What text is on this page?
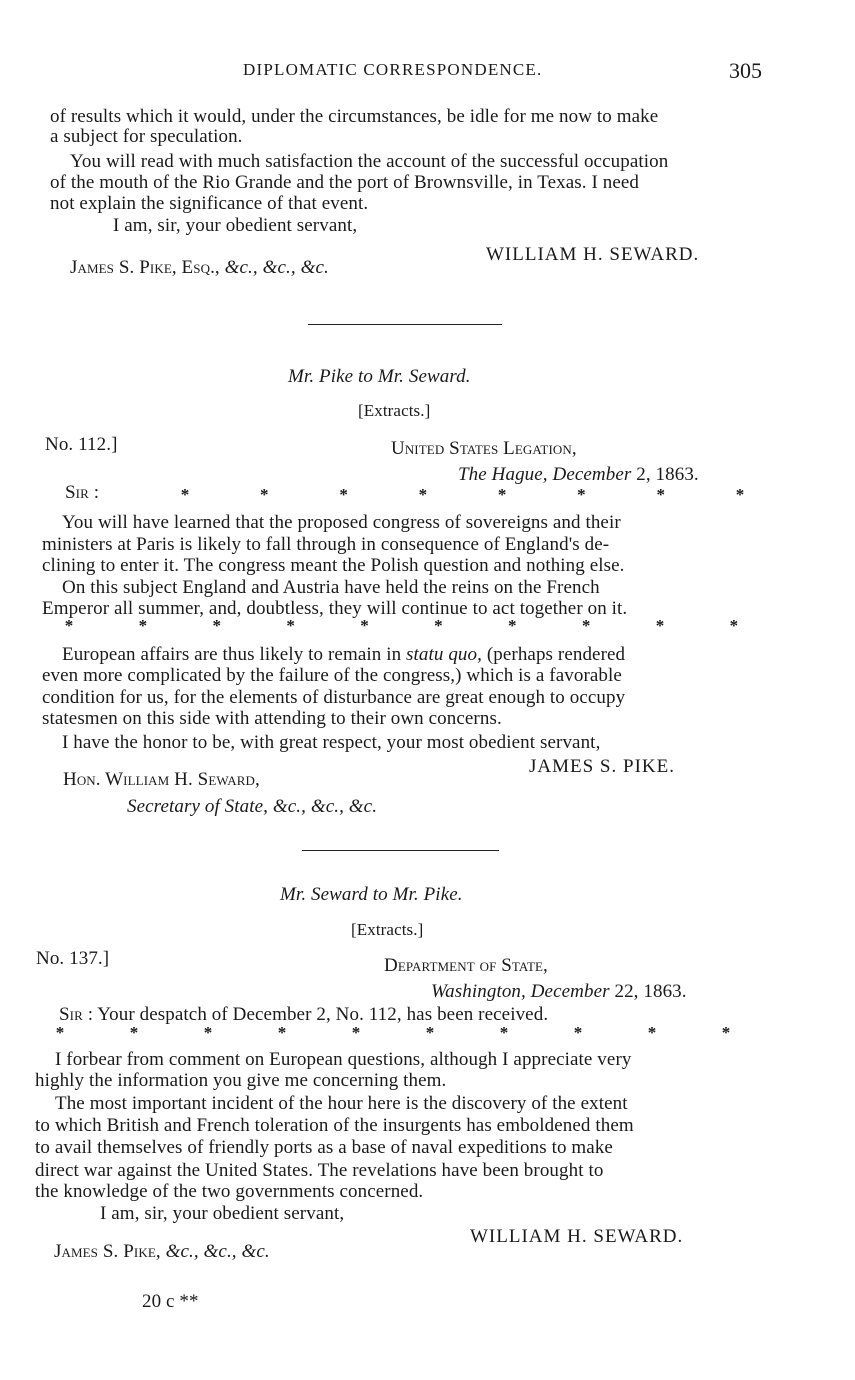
DIPLOMATIC CORRESPONDENCE.	305
of results which it would, under the circumstances, be idle for me now to make
a subject for speculation.
You will read with much satisfaction the account of the successful occupation
of the mouth of the Rio Grande and the port of Brownsville, in Texas. I need
not explain the significance of that event.
I am, sir, your obedient servant,
WILLIAM H. SEWARD.
James S. Pike, Esq., &c., &c., &c.
Mr. Pike to Mr. Seward.
[Extracts.]
No. 112.]	United States Legation,
The Hague, December 2, 1863.
Sir :	*	*	*	*	*	*	*	*
You will have learned that the proposed congress of sovereigns and their
ministers at Paris is likely to fall through in consequence of England's de-
clining to enter it. The congress meant the Polish question and nothing else.
On this subject England and Austria have held the reins on the French
Emperor all summer, and, doubtless, they will continue to act together on it.
*	*	*	*	*	*	*	*	*	*
European affairs are thus likely to remain in statu quo, (perhaps rendered
even more complicated by the failure of the congress,) which is a favorable
condition for us, for the elements of disturbance are great enough to occupy
statesmen on this side with attending to their own concerns.
I have the honor to be, with great respect, your most obedient servant,
JAMES S. PIKE.
Hon. William H. Seward,
Secretary of State, &c., &c., &c.
Mr. Seward to Mr. Pike.
[Extracts.]
No. 137.]	Department of State,
Washington, December 22, 1863.
Sir : Your despatch of December 2, No. 112, has been received.
*	*	*	*	*	*	*	*	*	*
I forbear from comment on European questions, although I appreciate very
highly the information you give me concerning them.
The most important incident of the hour here is the discovery of the extent
to which British and French toleration of the insurgents has emboldened them
to avail themselves of friendly ports as a base of naval expeditions to make
direct war against the United States. The revelations have been brought to
the knowledge of the two governments concerned.
I am, sir, your obedient servant,
WILLIAM H. SEWARD.
James S. Pike, &c., &c., &c.
20 c **
